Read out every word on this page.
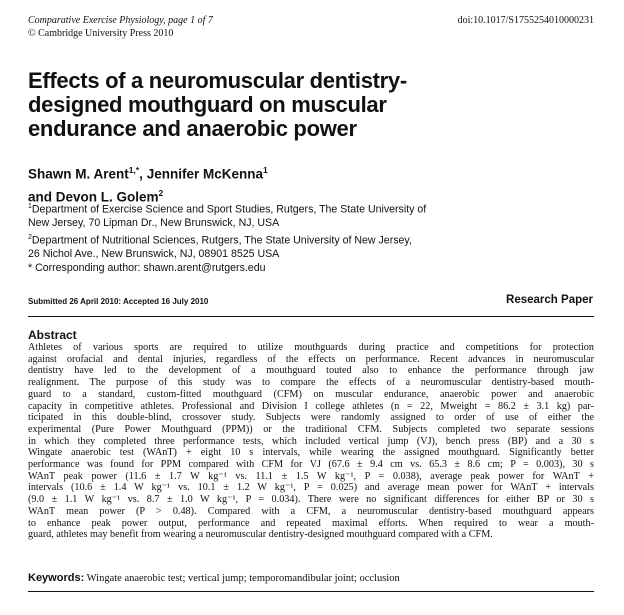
Comparative Exercise Physiology, page 1 of 7
© Cambridge University Press 2010
doi:10.1017/S1755254010000231
Effects of a neuromuscular dentistry-
designed mouthguard on muscular
endurance and anaerobic power
Shawn M. Arent$^{1,*}$, Jennifer McKenna$^1$
and Devon L. Golem$^2$
$^1$Department of Exercise Science and Sport Studies, Rutgers, The State University of
New Jersey, 70 Lipman Dr., New Brunswick, NJ, USA
$^2$Department of Nutritional Sciences, Rutgers, The State University of New Jersey,
26 Nichol Ave., New Brunswick, NJ, 08901 8525 USA
* Corresponding author: shawn.arent@rutgers.edu
Submitted 26 April 2010: Accepted 16 July 2010	Research Paper
Abstract
Athletes of various sports are required to utilize mouthguards during practice and competitions for protection
against orofacial and dental injuries, regardless of the effects on performance. Recent advances in neuromuscular
dentistry have led to the development of a mouthguard touted also to enhance the performance through jaw
realignment. The purpose of this study was to compare the effects of a neuromuscular dentistry-based mouth-
guard to a standard, custom-fitted mouthguard (CFM) on muscular endurance, anaerobic power and anaerobic
capacity in competitive athletes. Professional and Division I college athletes (n = 22, Mweight = 86.2 ± 3.1 kg) par-
ticipated in this double-blind, crossover study. Subjects were randomly assigned to order of use of either the
experimental (Pure Power Mouthguard (PPM)) or the traditional CFM. Subjects completed two separate sessions
in which they completed three performance tests, which included vertical jump (VJ), bench press (BP) and a 30 s
Wingate anaerobic test (WAnT) + eight 10 s intervals, while wearing the assigned mouthguard. Significantly better
performance was found for PPM compared with CFM for VJ (67.6 ± 9.4 cm vs. 65.3 ± 8.6 cm; P = 0.003), 30 s
WAnT peak power (11.6 ± 1.7 W kg⁻¹ vs. 11.1 ± 1.5 W kg⁻¹, P = 0.038), average peak power for WAnT +
intervals (10.6 ± 1.4 W kg⁻¹ vs. 10.1 ± 1.2 W kg⁻¹, P = 0.025) and average mean power for WAnT + intervals
(9.0 ± 1.1 W kg⁻¹ vs. 8.7 ± 1.0 W kg⁻¹, P = 0.034). There were no significant differences for either BP or 30 s
WAnT mean power (P > 0.48). Compared with a CFM, a neuromuscular dentistry-based mouthguard appears
to enhance peak power output, performance and repeated maximal efforts. When required to wear a mouth-
guard, athletes may benefit from wearing a neuromuscular dentistry-designed mouthguard compared with a CFM.
Keywords: Wingate anaerobic test; vertical jump; temporomandibular joint; occlusion
